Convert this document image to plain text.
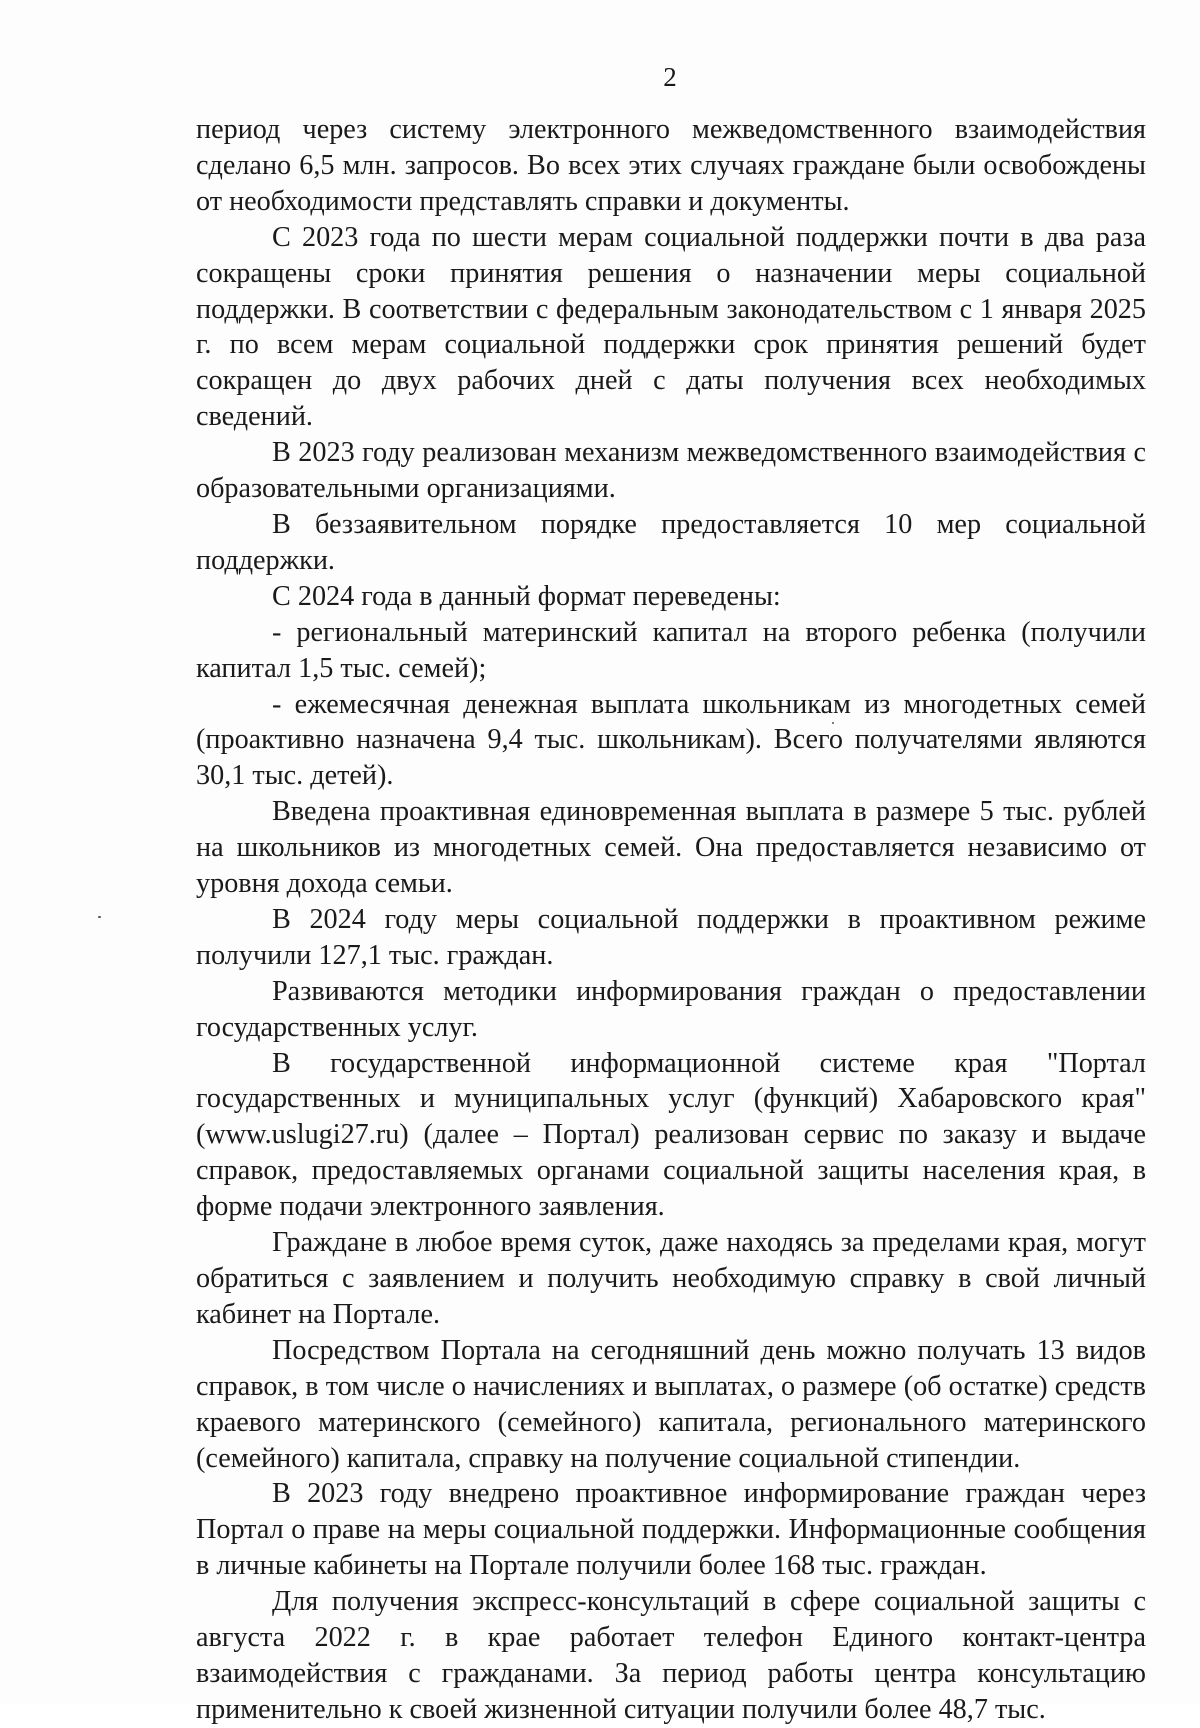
2

период через систему электронного межведомственного взаимодействия сделано 6,5 млн. запросов. Во всех этих случаях граждане были освобождены от необходимости представлять справки и документы.

С 2023 года по шести мерам социальной поддержки почти в два раза сокращены сроки принятия решения о назначении меры социальной поддержки. В соответствии с федеральным законодательством с 1 января 2025 г. по всем мерам социальной поддержки срок принятия решений будет сокращен до двух рабочих дней с даты получения всех необходимых сведений.

В 2023 году реализован механизм межведомственного взаимодействия с образовательными организациями.

В беззаявительном порядке предоставляется 10 мер социальной поддержки.

С 2024 года в данный формат переведены:

- региональный материнский капитал на второго ребенка (получили капитал 1,5 тыс. семей);

- ежемесячная денежная выплата школьникам из многодетных семей (проактивно назначена 9,4 тыс. школьникам). Всего получателями являются 30,1 тыс. детей).

Введена проактивная единовременная выплата в размере 5 тыс. рублей на школьников из многодетных семей. Она предоставляется независимо от уровня дохода семьи.

В 2024 году меры социальной поддержки в проактивном режиме получили 127,1 тыс. граждан.

Развиваются методики информирования граждан о предоставлении государственных услуг.

В государственной информационной системе края "Портал государственных и муниципальных услуг (функций) Хабаровского края" (www.uslugi27.ru) (далее – Портал) реализован сервис по заказу и выдаче справок, предоставляемых органами социальной защиты населения края, в форме подачи электронного заявления.

Граждане в любое время суток, даже находясь за пределами края, могут обратиться с заявлением и получить необходимую справку в свой личный кабинет на Портале.

Посредством Портала на сегодняшний день можно получать 13 видов справок, в том числе о начислениях и выплатах, о размере (об остатке) средств краевого материнского (семейного) капитала, регионального материнского (семейного) капитала, справку на получение социальной стипендии.

В 2023 году внедрено проактивное информирование граждан через Портал о праве на меры социальной поддержки. Информационные сообщения в личные кабинеты на Портале получили более 168 тыс. граждан.

Для получения экспресс-консультаций в сфере социальной защиты с августа 2022 г. в крае работает телефон Единого контакт-центра взаимодействия с гражданами. За период работы центра консультацию применительно к своей жизненной ситуации получили более 48,7 тыс.
